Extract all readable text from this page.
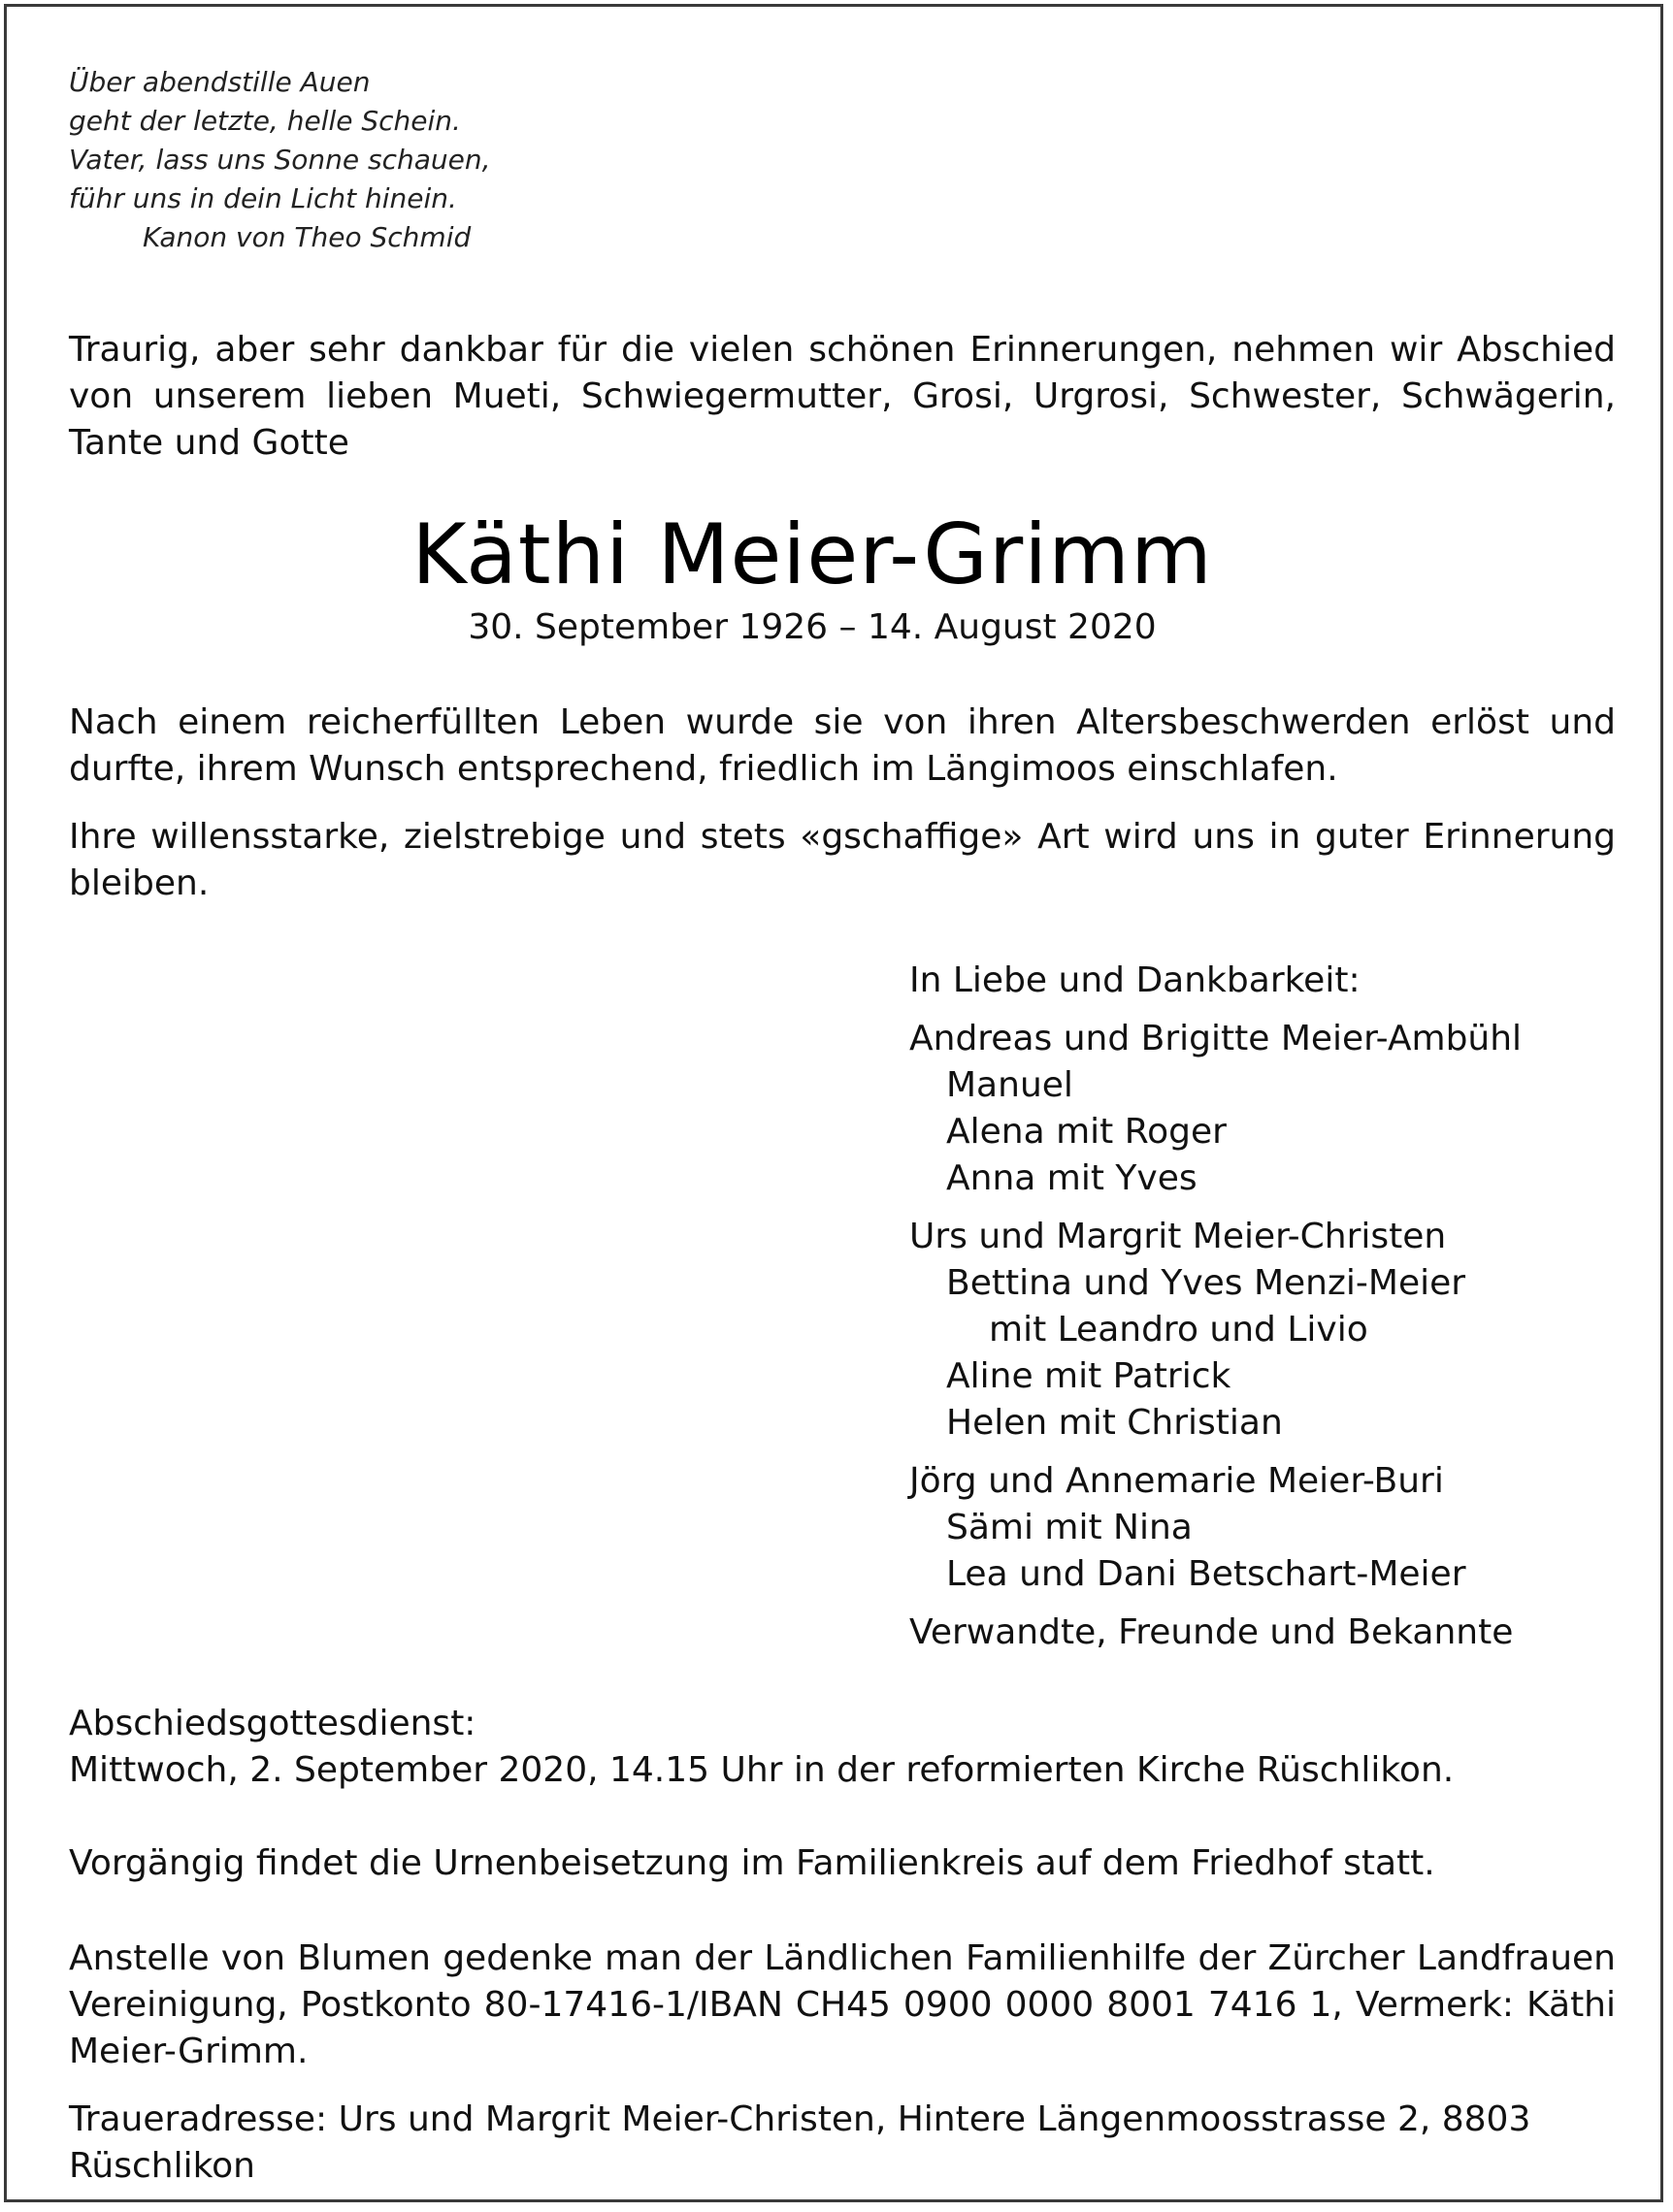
Über abendstille Auen
geht der letzte, helle Schein.
Vater, lass uns Sonne schauen,
führ uns in dein Licht hinein.
Kanon von Theo Schmid

Traurig, aber sehr dankbar für die vielen schönen Erinnerungen, nehmen wir Abschied von unserem lieben Mueti, Schwiegermutter, Grosi, Urgrosi, Schwester, Schwägerin, Tante und Gotte

Käthi Meier-Grimm
30. September 1926 – 14. August 2020

Nach einem reicherfüllten Leben wurde sie von ihren Altersbeschwerden erlöst und durfte, ihrem Wunsch entsprechend, friedlich im Längimoos einschlafen.

Ihre willensstarke, zielstrebige und stets «gschaffige» Art wird uns in guter Erinnerung bleiben.

In Liebe und Dankbarkeit:
Andreas und Brigitte Meier-Ambühl
Manuel
Alena mit Roger
Anna mit Yves
Urs und Margrit Meier-Christen
Bettina und Yves Menzi-Meier
mit Leandro und Livio
Aline mit Patrick
Helen mit Christian
Jörg und Annemarie Meier-Buri
Sämi mit Nina
Lea und Dani Betschart-Meier
Verwandte, Freunde und Bekannte
Abschiedsgottesdienst:
Mittwoch, 2. September 2020, 14.15 Uhr in der reformierten Kirche Rüschlikon.
Vorgängig findet die Urnenbeisetzung im Familienkreis auf dem Friedhof statt.

Anstelle von Blumen gedenke man der Ländlichen Familienhilfe der Zürcher Landfrauen Vereinigung, Postkonto 80-17416-1/IBAN CH45 0900 0000 8001 7416 1, Vermerk: Käthi Meier-Grimm.

Traueradresse: Urs und Margrit Meier-Christen, Hintere Längenmoosstrasse 2, 8803 Rüschlikon
